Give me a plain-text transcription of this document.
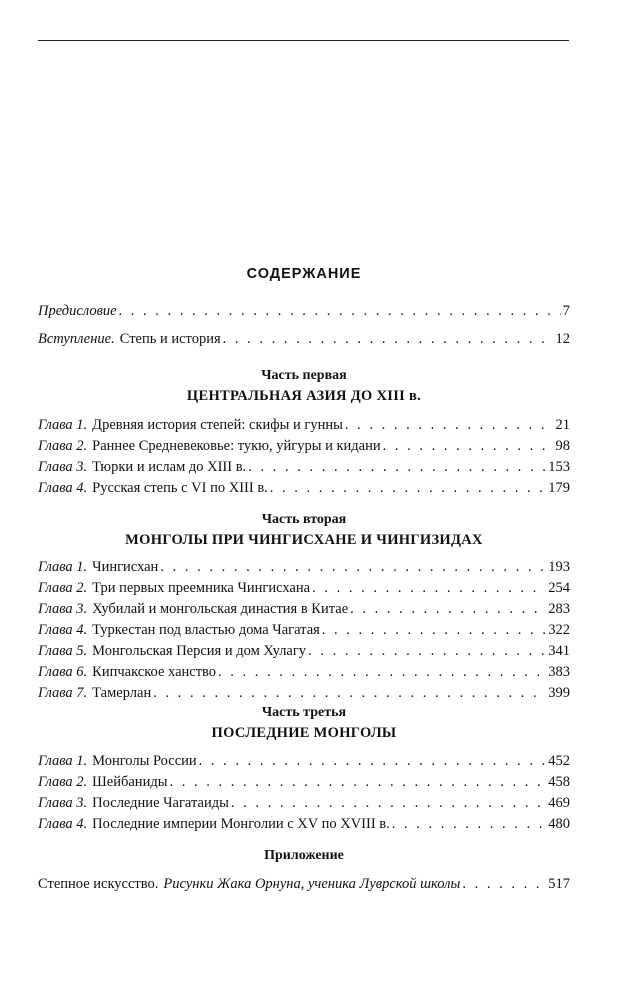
СОДЕРЖАНИЕ
Предисловие . . .	7
Вступление. Степь и история . . .	12
Часть первая
ЦЕНТРАЛЬНАЯ АЗИЯ ДО XIII в.
Глава 1. Древняя история степей: скифы и гунны . . .	21
Глава 2. Раннее Средневековье: тукю, уйгуры и кидани . . .	98
Глава 3. Тюрки и ислам до XIII в. . . .	153
Глава 4. Русская степь с VI по XIII в. . . .	179
Часть вторая
МОНГОЛЫ ПРИ ЧИНГИСХАНЕ И ЧИНГИЗИДАХ
Глава 1. Чингисхан . . .	193
Глава 2. Три первых преемника Чингисхана . . .	254
Глава 3. Хубилай и монгольская династия в Китае . . .	283
Глава 4. Туркестан под властью дома Чагатая . . .	322
Глава 5. Монгольская Персия и дом Хулагу . . .	341
Глава 6. Кипчакское ханство . . .	383
Глава 7. Тамерлан . . .	399
Часть третья
ПОСЛЕДНИЕ МОНГОЛЫ
Глава 1. Монголы России . . .	452
Глава 2. Шейбаниды . . .	458
Глава 3. Последние Чагатаиды . . .	469
Глава 4. Последние империи Монголии с XV по XVIII в. . . .	480
Приложение
Степное искусство. Рисунки Жака Орнуна, ученика Луврской школы . . .	517
